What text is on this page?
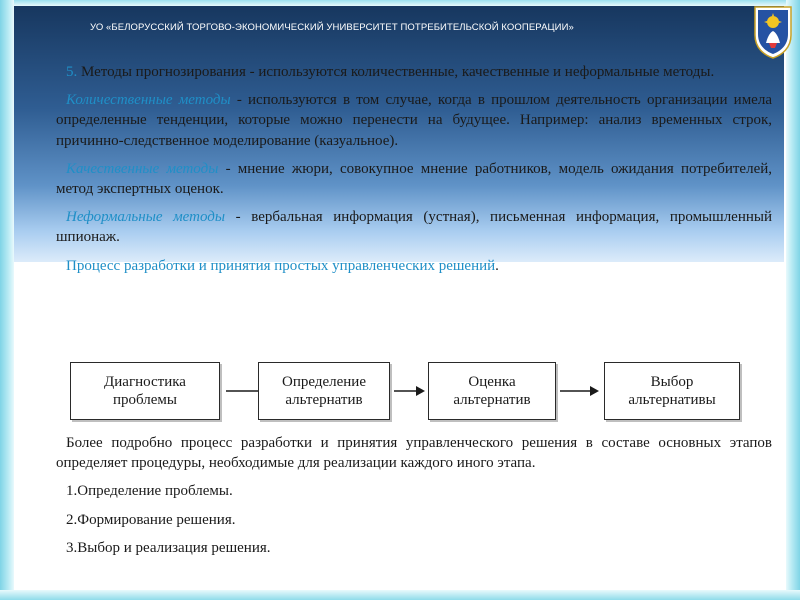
УО «БЕЛОРУССКИЙ ТОРГОВО-ЭКОНОМИЧЕСКИЙ УНИВЕРСИТЕТ ПОТРЕБИТЕЛЬСКОЙ КООПЕРАЦИИ»

5. Методы прогнозирования - используются количественные, качественные и неформальные методы.

Количественные методы - используются в том случае, когда в прошлом деятельность организации имела определенные тенденции, которые можно перенести на будущее. Например: анализ временных строк, причинно-следственное моделирование (казуальное).

Качественные методы - мнение жюри, совокупное мнение работников, модель ожидания потребителей, метод экспертных оценок.

Неформальные методы - вербальная информация (устная), письменная информация, промышленный шпионаж.

Процесс разработки и принятия простых управленческих решений.

Диагностика проблемы
Определение альтернатив
Оценка альтернатив
Выбор альтернативы

Более подробно процесс разработки и принятия управленческого решения в составе основных этапов определяет процедуры, необходимые для реализации каждого иного этапа.

1.Определение проблемы.

2.Формирование решения.

3.Выбор и реализация решения.
